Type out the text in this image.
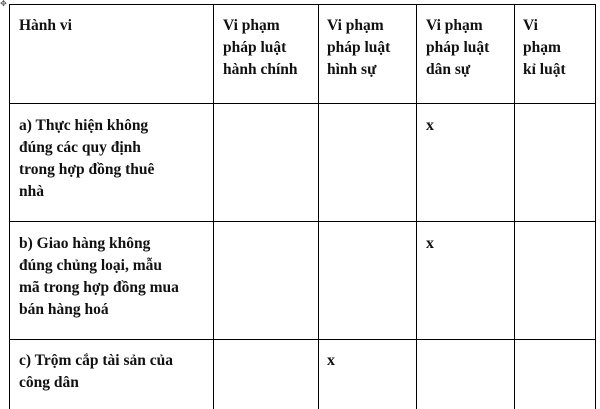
✥
Hành vi	Vi phạm
pháp luật
hành chính
Vi phạm
pháp luật
hình sự
Vi phạm
pháp luật
dân sự
Vi
phạm
kỉ luật
a) Thực hiện không
đúng các quy định
trong hợp đồng thuê
nhà
x
b) Giao hàng không
đúng chủng loại, mẫu
mã trong hợp đồng mua
bán hàng hoá
x
c) Trộm cắp tài sản của
công dân
x
